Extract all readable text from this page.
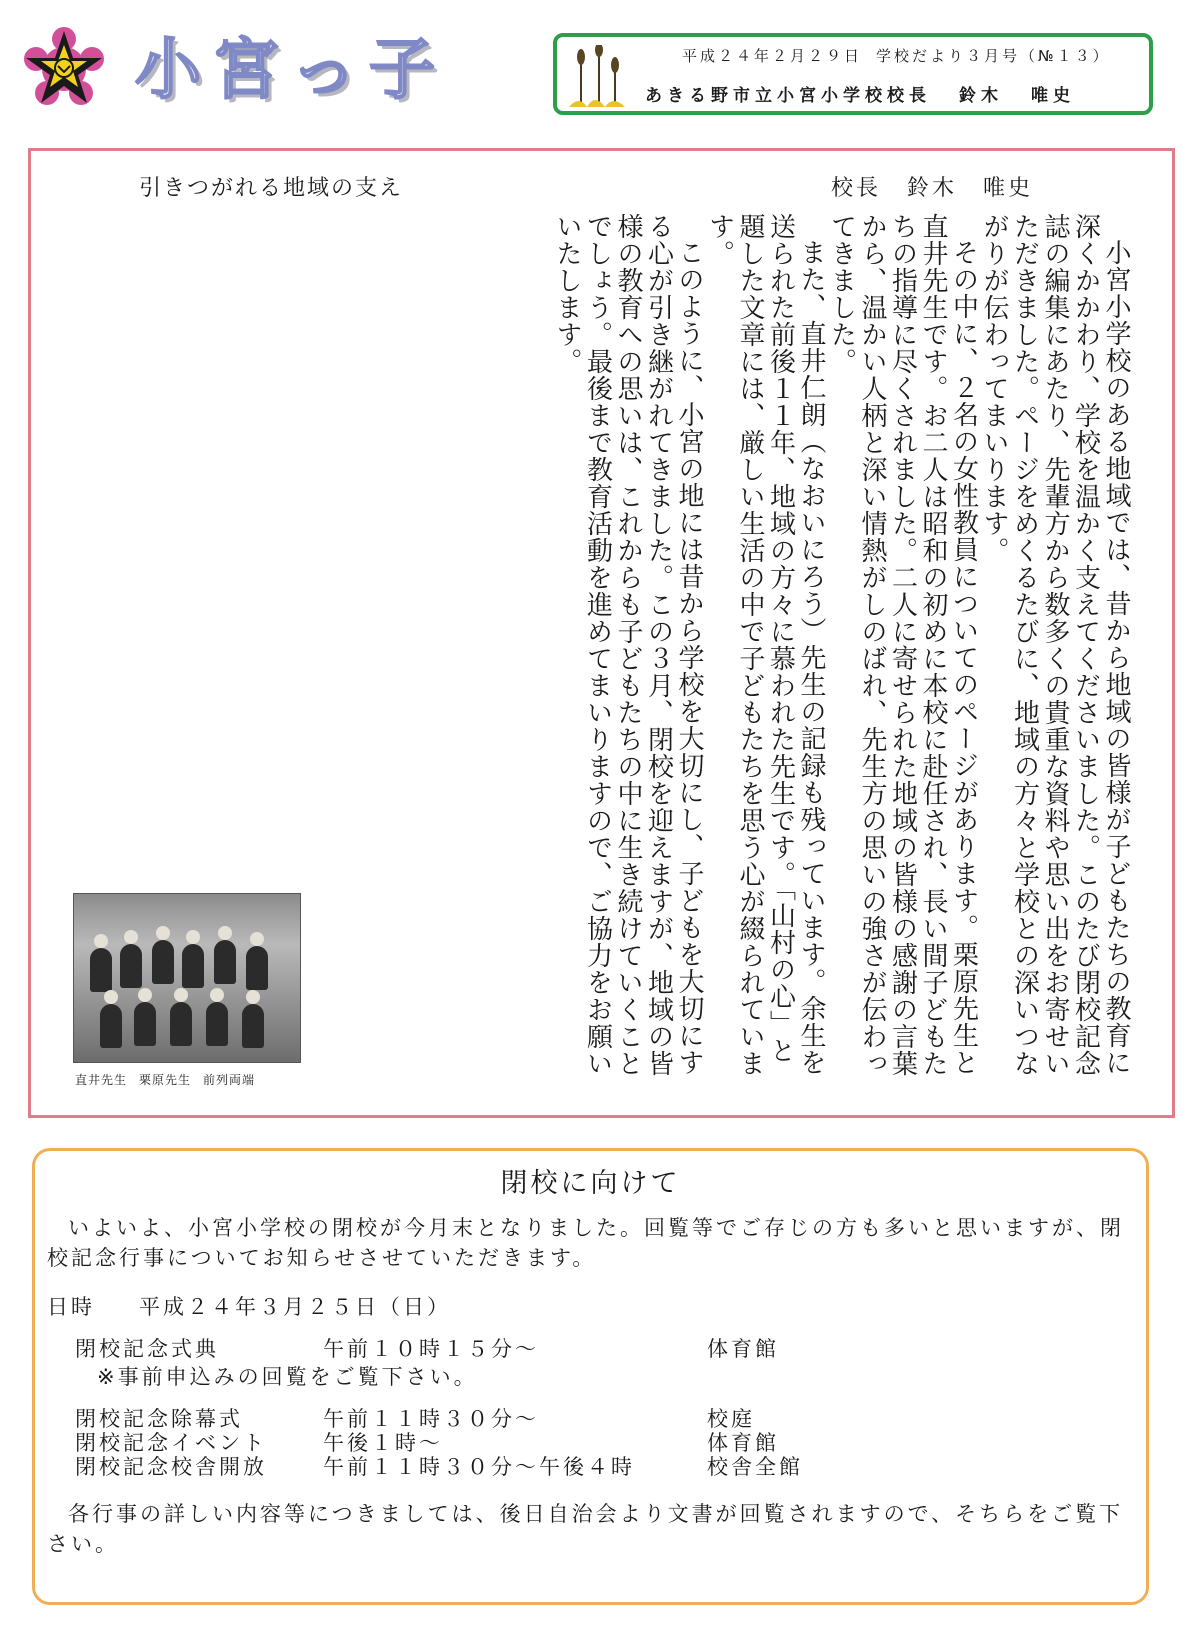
小宮っ子	平成２４年２月２９日 学校だより３月号（№１３）
あきる野市立小宮小学校校長 鈴木 唯史
引きつがれる地域の支え	校長 鈴木 唯史

小宮小学校のある地域では、昔から地域の皆様が子どもたちの教育に深くかかわり、学校を温かく支えてくださいました。このたび閉校記念誌の編集にあたり、先輩方から数多くの貴重な資料や思い出をお寄せいただきました。ページをめくるたびに、地域の方々と学校との深いつながりが伝わってまいります。

その中に、２名の女性教員についてのページがあります。栗原先生と直井先生です。お二人は昭和の初めに本校に赴任され、長い間子どもたちの指導に尽くされました。二人に寄せられた地域の皆様の感謝の言葉から、温かい人柄と深い情熱がしのばれ、先生方の思いの強さが伝わってきました。

また、直井仁朗（なおいにろう）先生の記録も残っています。余生を送られた前後１１年、地域の方々に慕われた先生です。「山村の心」と題した文章には、厳しい生活の中で子どもたちを思う心が綴られています。

このように、小宮の地には昔から学校を大切にし、子どもを大切にする心が引き継がれてきました。この３月、閉校を迎えますが、地域の皆様の教育への思いは、これからも子どもたちの中に生き続けていくことでしょう。最後まで教育活動を進めてまいりますので、ご協力をお願いいたします。

直井先生 栗原先生 前列両端
閉校に向けて

いよいよ、小宮小学校の閉校が今月末となりました。回覧等でご存じの方も多いと思いますが、閉校記念行事についてお知らせさせていただきます。

日時 平成２４年３月２５日（日）
閉校記念式典	午前１０時１５分～	体育館
※事前申込みの回覧をご覧下さい。
閉校記念除幕式	午前１１時３０分～	校庭
閉校記念イベント	午後１時～	体育館
閉校記念校舎開放	午前１１時３０分～午後４時	校舎全館

各行事の詳しい内容等につきましては、後日自治会より文書が回覧されますので、そちらをご覧下さい。
